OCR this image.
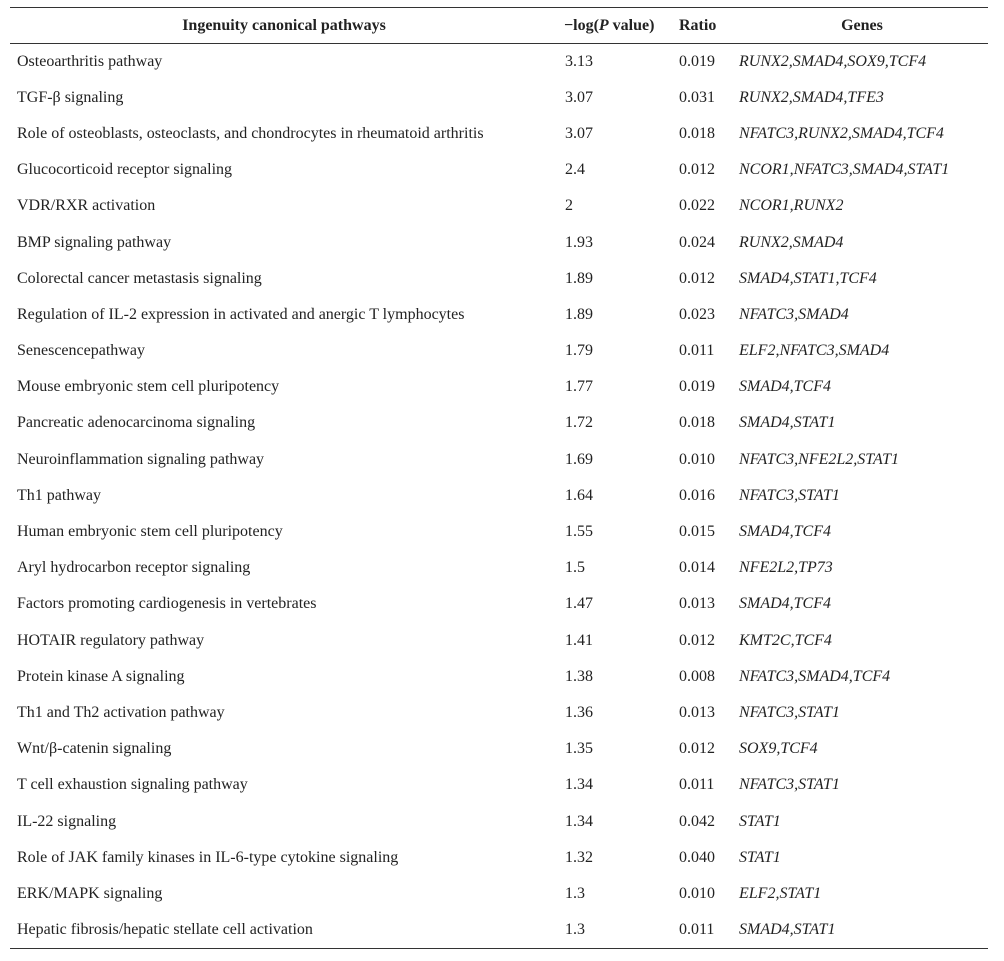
Ingenuity canonical pathways	−log(P value)	Ratio	Genes
Osteoarthritis pathway	3.13	0.019	RUNX2,SMAD4,SOX9,TCF4
TGF-β signaling	3.07	0.031	RUNX2,SMAD4,TFE3
Role of osteoblasts, osteoclasts, and chondrocytes in rheumatoid arthritis	3.07	0.018	NFATC3,RUNX2,SMAD4,TCF4
Glucocorticoid receptor signaling	2.4	0.012	NCOR1,NFATC3,SMAD4,STAT1
VDR/RXR activation	2	0.022	NCOR1,RUNX2
BMP signaling pathway	1.93	0.024	RUNX2,SMAD4
Colorectal cancer metastasis signaling	1.89	0.012	SMAD4,STAT1,TCF4
Regulation of IL-2 expression in activated and anergic T lymphocytes	1.89	0.023	NFATC3,SMAD4
Senescencepathway	1.79	0.011	ELF2,NFATC3,SMAD4
Mouse embryonic stem cell pluripotency	1.77	0.019	SMAD4,TCF4
Pancreatic adenocarcinoma signaling	1.72	0.018	SMAD4,STAT1
Neuroinflammation signaling pathway	1.69	0.010	NFATC3,NFE2L2,STAT1
Th1 pathway	1.64	0.016	NFATC3,STAT1
Human embryonic stem cell pluripotency	1.55	0.015	SMAD4,TCF4
Aryl hydrocarbon receptor signaling	1.5	0.014	NFE2L2,TP73
Factors promoting cardiogenesis in vertebrates	1.47	0.013	SMAD4,TCF4
HOTAIR regulatory pathway	1.41	0.012	KMT2C,TCF4
Protein kinase A signaling	1.38	0.008	NFATC3,SMAD4,TCF4
Th1 and Th2 activation pathway	1.36	0.013	NFATC3,STAT1
Wnt/β-catenin signaling	1.35	0.012	SOX9,TCF4
T cell exhaustion signaling pathway	1.34	0.011	NFATC3,STAT1
IL-22 signaling	1.34	0.042	STAT1
Role of JAK family kinases in IL-6-type cytokine signaling	1.32	0.040	STAT1
ERK/MAPK signaling	1.3	0.010	ELF2,STAT1
Hepatic fibrosis/hepatic stellate cell activation	1.3	0.011	SMAD4,STAT1
